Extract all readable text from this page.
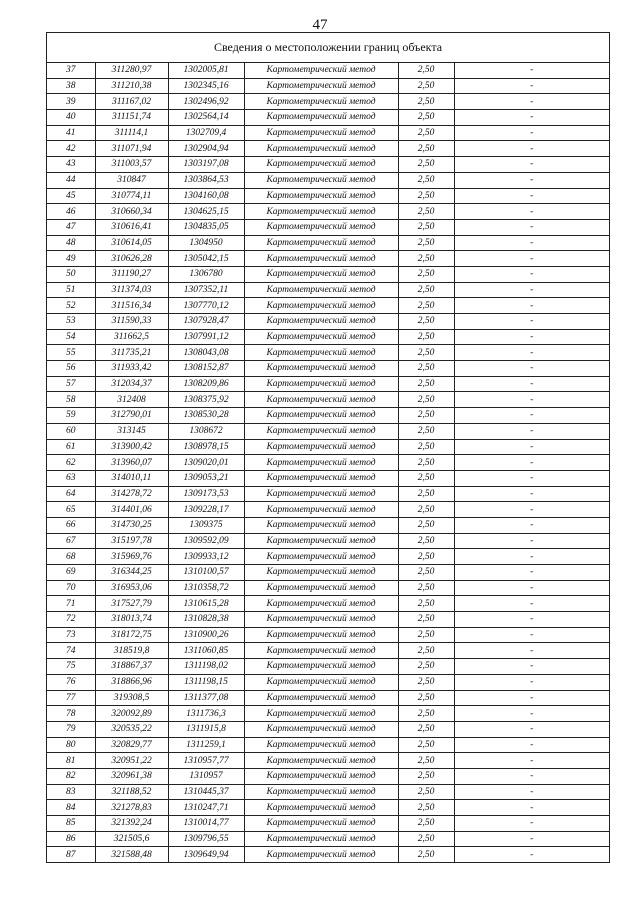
47
Сведения о местоположении границ объекта
37	311280,97	1302005,81	Картометрический метод	2,50	-
38	311210,38	1302345,16	Картометрический метод	2,50	-
39	311167,02	1302496,92	Картометрический метод	2,50	-
40	311151,74	1302564,14	Картометрический метод	2,50	-
41	311114,1	1302709,4	Картометрический метод	2,50	-
42	311071,94	1302904,94	Картометрический метод	2,50	-
43	311003,57	1303197,08	Картометрический метод	2,50	-
44	310847	1303864,53	Картометрический метод	2,50	-
45	310774,11	1304160,08	Картометрический метод	2,50	-
46	310660,34	1304625,15	Картометрический метод	2,50	-
47	310616,41	1304835,05	Картометрический метод	2,50	-
48	310614,05	1304950	Картометрический метод	2,50	-
49	310626,28	1305042,15	Картометрический метод	2,50	-
50	311190,27	1306780	Картометрический метод	2,50	-
51	311374,03	1307352,11	Картометрический метод	2,50	-
52	311516,34	1307770,12	Картометрический метод	2,50	-
53	311590,33	1307928,47	Картометрический метод	2,50	-
54	311662,5	1307991,12	Картометрический метод	2,50	-
55	311735,21	1308043,08	Картометрический метод	2,50	-
56	311933,42	1308152,87	Картометрический метод	2,50	-
57	312034,37	1308209,86	Картометрический метод	2,50	-
58	312408	1308375,92	Картометрический метод	2,50	-
59	312790,01	1308530,28	Картометрический метод	2,50	-
60	313145	1308672	Картометрический метод	2,50	-
61	313900,42	1308978,15	Картометрический метод	2,50	-
62	313960,07	1309020,01	Картометрический метод	2,50	-
63	314010,11	1309053,21	Картометрический метод	2,50	-
64	314278,72	1309173,53	Картометрический метод	2,50	-
65	314401,06	1309228,17	Картометрический метод	2,50	-
66	314730,25	1309375	Картометрический метод	2,50	-
67	315197,78	1309592,09	Картометрический метод	2,50	-
68	315969,76	1309933,12	Картометрический метод	2,50	-
69	316344,25	1310100,57	Картометрический метод	2,50	-
70	316953,06	1310358,72	Картометрический метод	2,50	-
71	317527,79	1310615,28	Картометрический метод	2,50	-
72	318013,74	1310828,38	Картометрический метод	2,50	-
73	318172,75	1310900,26	Картометрический метод	2,50	-
74	318519,8	1311060,85	Картометрический метод	2,50	-
75	318867,37	1311198,02	Картометрический метод	2,50	-
76	318866,96	1311198,15	Картометрический метод	2,50	-
77	319308,5	1311377,08	Картометрический метод	2,50	-
78	320092,89	1311736,3	Картометрический метод	2,50	-
79	320535,22	1311915,8	Картометрический метод	2,50	-
80	320829,77	1311259,1	Картометрический метод	2,50	-
81	320951,22	1310957,77	Картометрический метод	2,50	-
82	320961,38	1310957	Картометрический метод	2,50	-
83	321188,52	1310445,37	Картометрический метод	2,50	-
84	321278,83	1310247,71	Картометрический метод	2,50	-
85	321392,24	1310014,77	Картометрический метод	2,50	-
86	321505,6	1309796,55	Картометрический метод	2,50	-
87	321588,48	1309649,94	Картометрический метод	2,50	-
